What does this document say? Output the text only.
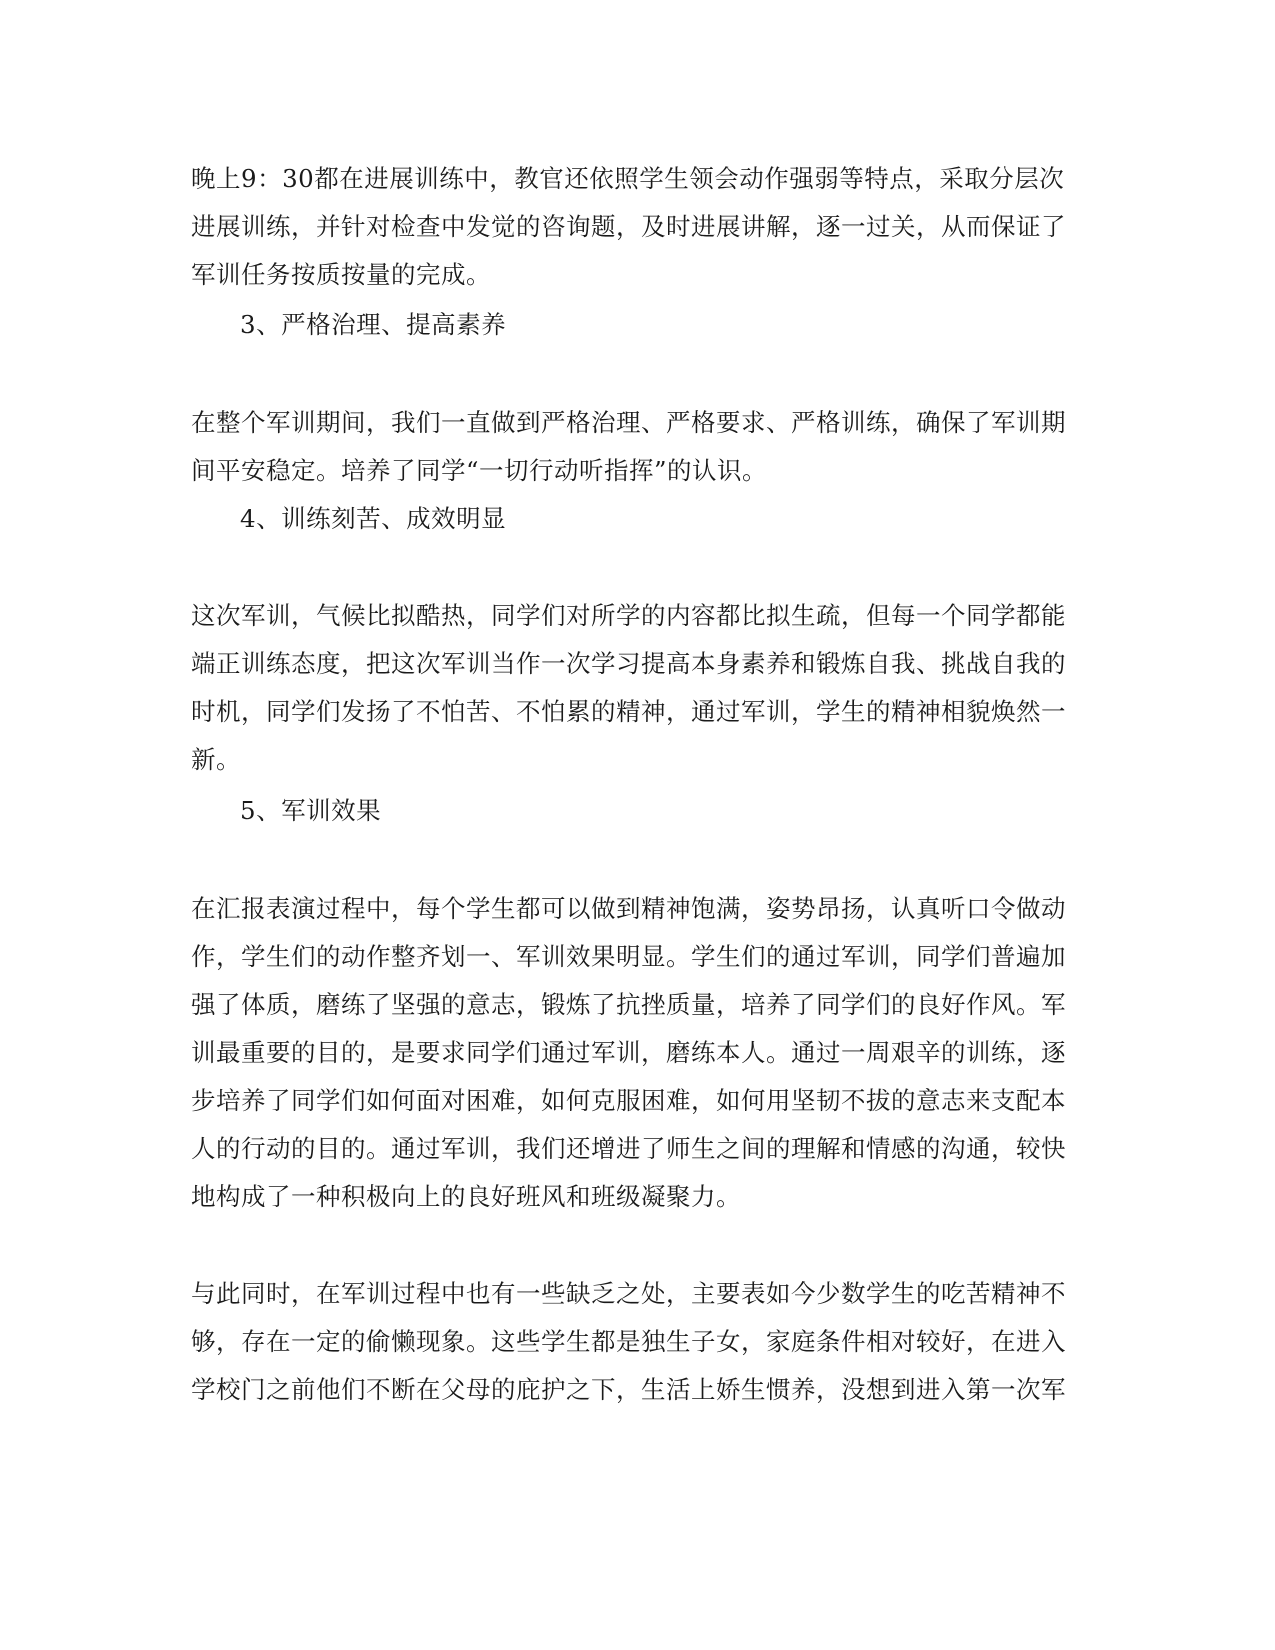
晚上9：30都在进展训练中，教官还依照学生领会动作强弱等特点，采取分层次进展训练，并针对检查中发觉的咨询题，及时进展讲解，逐一过关，从而保证了军训任务按质按量的完成。

3、严格治理、提高素养

在整个军训期间，我们一直做到严格治理、严格要求、严格训练，确保了军训期间平安稳定。培养了同学“一切行动听指挥”的认识。

4、训练刻苦、成效明显

这次军训，气候比拟酷热，同学们对所学的内容都比拟生疏，但每一个同学都能端正训练态度，把这次军训当作一次学习提高本身素养和锻炼自我、挑战自我的时机，同学们发扬了不怕苦、不怕累的精神，通过军训，学生的精神相貌焕然一新。

5、军训效果

在汇报表演过程中，每个学生都可以做到精神饱满，姿势昂扬，认真听口令做动作，学生们的动作整齐划一、军训效果明显。学生们的通过军训，同学们普遍加强了体质，磨练了坚强的意志，锻炼了抗挫质量，培养了同学们的良好作风。军训最重要的目的，是要求同学们通过军训，磨练本人。通过一周艰辛的训练，逐步培养了同学们如何面对困难，如何克服困难，如何用坚韧不拔的意志来支配本人的行动的目的。通过军训，我们还增进了师生之间的理解和情感的沟通，较快地构成了一种积极向上的良好班风和班级凝聚力。

与此同时，在军训过程中也有一些缺乏之处，主要表如今少数学生的吃苦精神不够，存在一定的偷懒现象。这些学生都是独生子女，家庭条件相对较好，在进入学校门之前他们不断在父母的庇护之下，生活上娇生惯养，没想到进入第一次军
